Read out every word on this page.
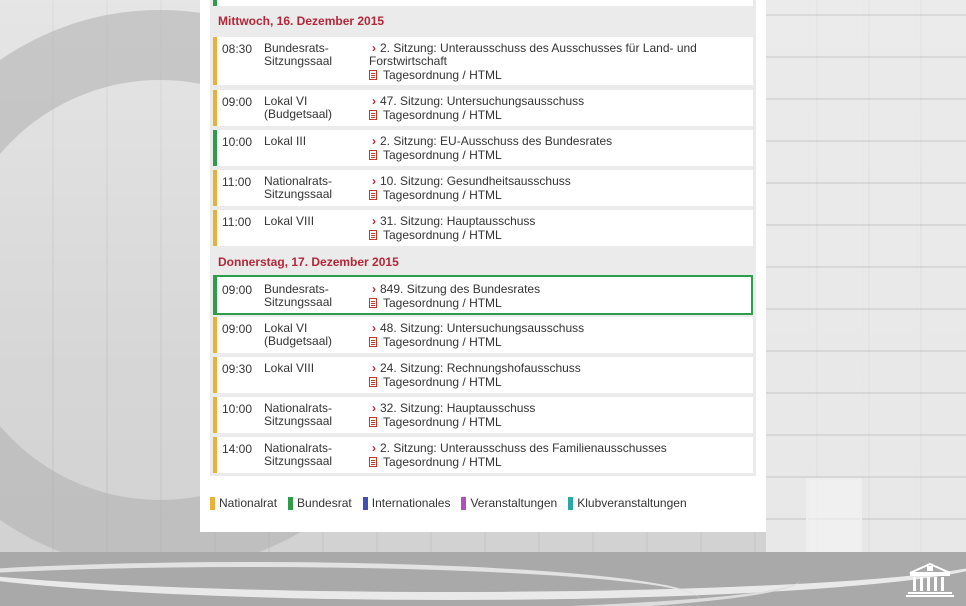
Mittwoch, 16. Dezember 2015
08:30 Bundesrats-
Sitzungssaal
› 2. Sitzung: Unterausschuss des Ausschusses für Land- und Forstwirtschaft
Tagesordnung / HTML
09:00 Lokal VI
(Budgetsaal)
› 47. Sitzung: Untersuchungsausschuss
Tagesordnung / HTML
10:00 Lokal III	› 2. Sitzung: EU-Ausschuss des Bundesrates
Tagesordnung / HTML
11:00 Nationalrats-
Sitzungssaal
› 10. Sitzung: Gesundheitsausschuss
Tagesordnung / HTML
11:00 Lokal VIII	› 31. Sitzung: Hauptausschuss
Tagesordnung / HTML
Donnerstag, 17. Dezember 2015
09:00 Bundesrats-
Sitzungssaal
› 849. Sitzung des Bundesrates
Tagesordnung / HTML
09:00 Lokal VI
(Budgetsaal)
› 48. Sitzung: Untersuchungsausschuss
Tagesordnung / HTML
09:30 Lokal VIII	› 24. Sitzung: Rechnungshofausschuss
Tagesordnung / HTML
10:00 Nationalrats-
Sitzungssaal
› 32. Sitzung: Hauptausschuss
Tagesordnung / HTML
14:00 Nationalrats-
Sitzungssaal
› 2. Sitzung: Unterausschuss des Familienausschusses
Tagesordnung / HTML
Nationalrat Bundesrat Internationales Veranstaltungen Klubveranstaltungen
